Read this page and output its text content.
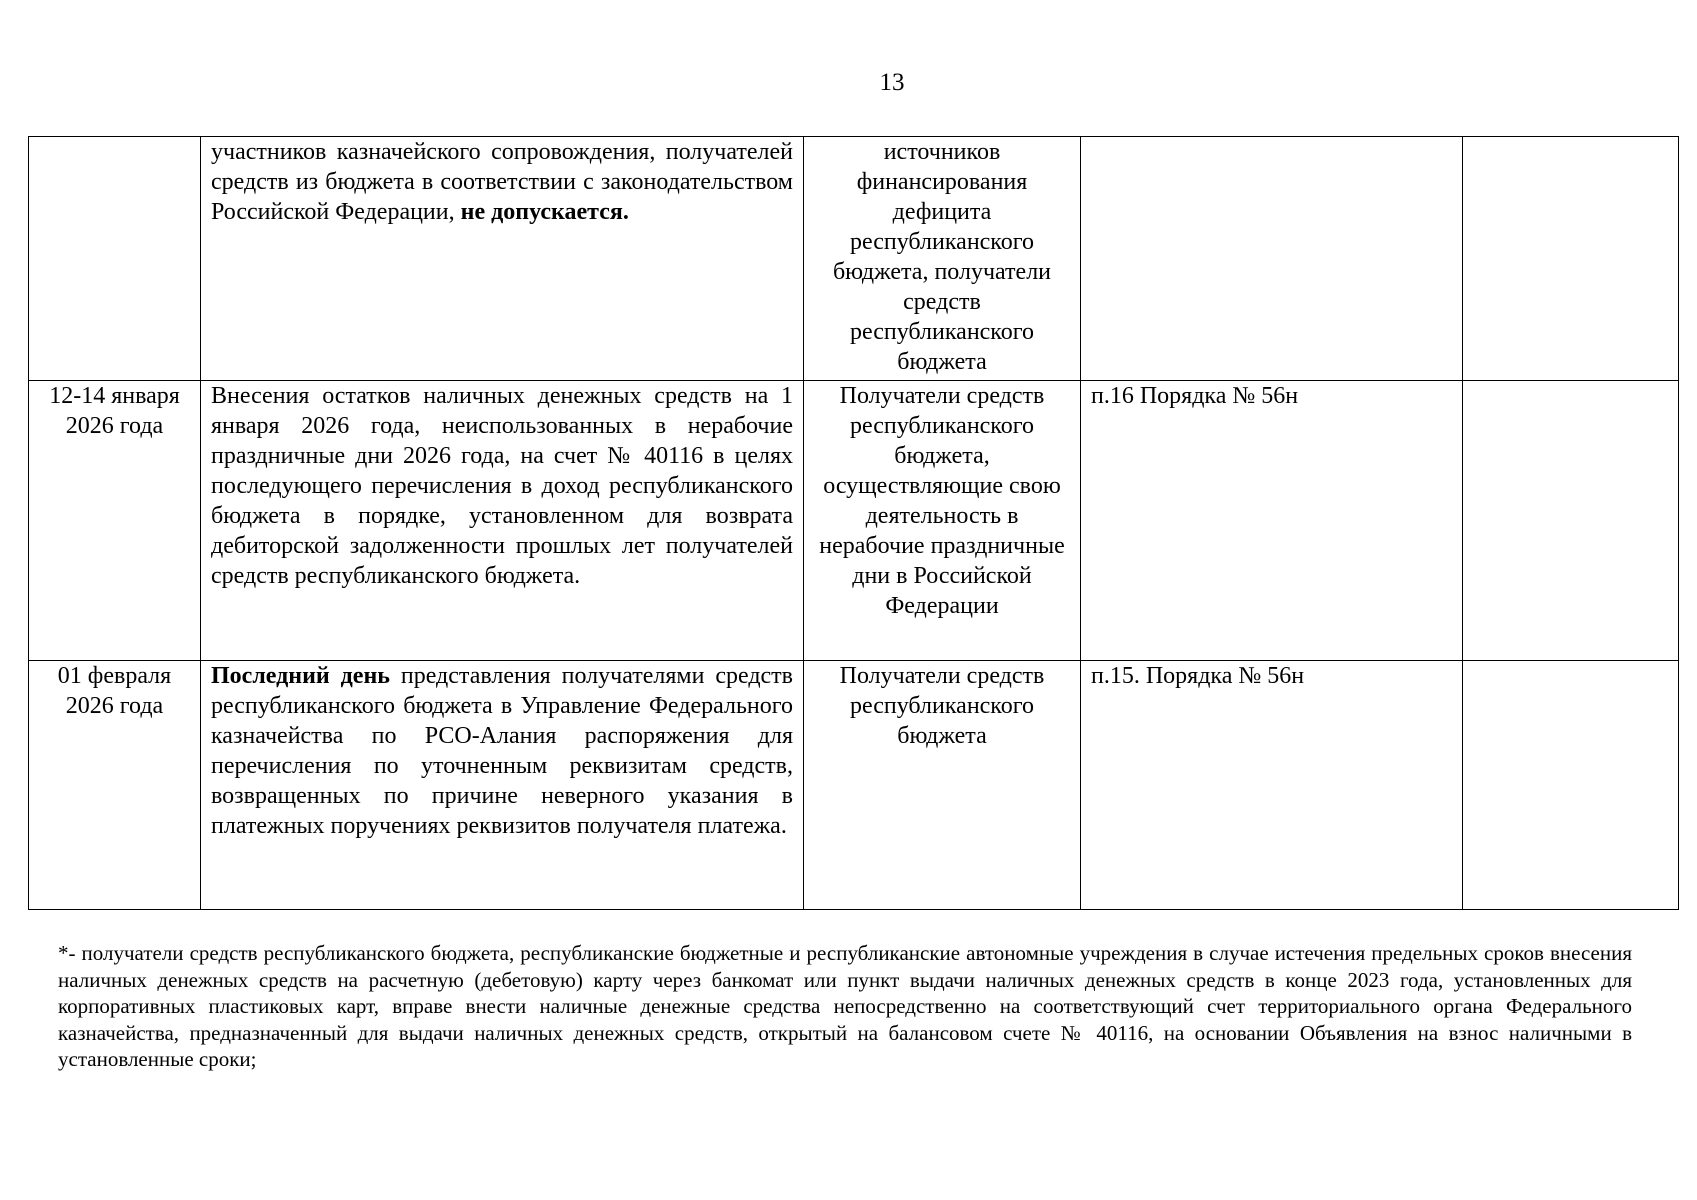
13

	участников казначейского сопровождения, получателей средств из бюджета в соответствии с законодательством Российской Федерации, не допускается.	источников финансирования дефицита республиканского бюджета, получатели средств республиканского бюджета		
12-14 января 2026 года	Внесения остатков наличных денежных средств на 1 января 2026 года, неиспользованных в нерабочие праздничные дни 2026 года, на счет № 40116 в целях последующего перечисления в доход республиканского бюджета в порядке, установленном для возврата дебиторской задолженности прошлых лет получателей средств республиканского бюджета.	Получатели средств республиканского бюджета, осуществляющие свою деятельность в нерабочие праздничные дни в Российской Федерации	п.16 Порядка № 56н	
01 февраля 2026 года	Последний день представления получателями средств республиканского бюджета в Управление Федерального казначейства по РСО-Алания распоряжения для перечисления по уточненным реквизитам средств, возвращенных по причине неверного указания в платежных поручениях реквизитов получателя платежа.	Получатели средств республиканского бюджета	п.15. Порядка № 56н	
*- получатели средств республиканского бюджета, республиканские бюджетные и республиканские автономные учреждения в случае истечения предельных сроков внесения наличных денежных средств на расчетную (дебетовую) карту через банкомат или пункт выдачи наличных денежных средств в конце 2023 года, установленных для корпоративных пластиковых карт, вправе внести наличные денежные средства непосредственно на соответствующий счет территориального органа Федерального казначейства, предназначенный для выдачи наличных денежных средств, открытый на балансовом счете № 40116, на основании Объявления на взнос наличными в установленные сроки;
